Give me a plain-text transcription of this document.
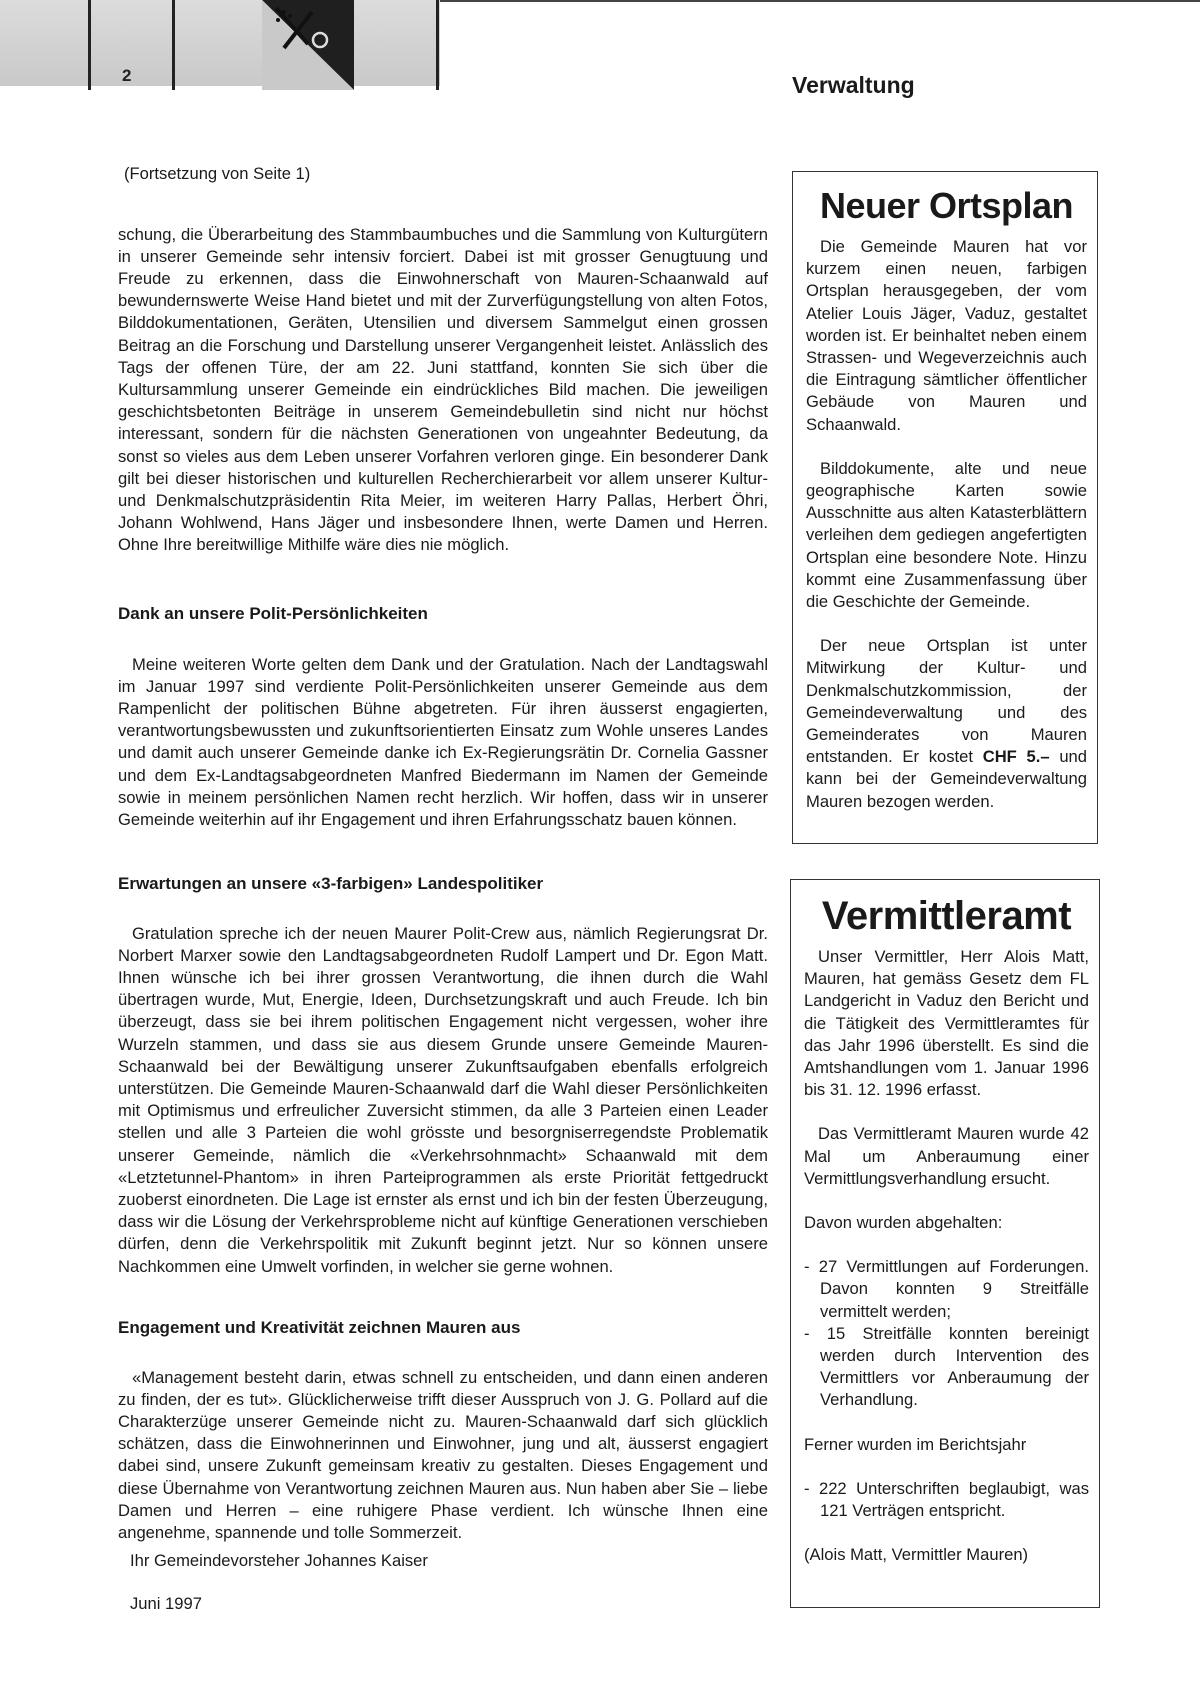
2	Verwaltung
(Fortsetzung von Seite 1)

schung, die Überarbeitung des Stammbaumbuches und die Sammlung von Kulturgütern in unserer Gemeinde sehr intensiv forciert. Dabei ist mit grosser Genugtuung und Freude zu erkennen, dass die Einwohnerschaft von Mauren-Schaanwald auf bewundernswerte Weise Hand bietet und mit der Zurverfügungstellung von alten Fotos, Bilddokumentationen, Geräten, Utensilien und diversem Sammelgut einen grossen Beitrag an die Forschung und Darstellung unserer Vergangenheit leistet. Anlässlich des Tags der offenen Türe, der am 22. Juni stattfand, konnten Sie sich über die Kultursammlung unserer Gemeinde ein eindrückliches Bild machen. Die jeweiligen geschichtsbetonten Beiträge in unserem Gemeindebulletin sind nicht nur höchst interessant, sondern für die nächsten Generationen von ungeahnter Bedeutung, da sonst so vieles aus dem Leben unserer Vorfahren verloren ginge. Ein besonderer Dank gilt bei dieser historischen und kulturellen Recherchierarbeit vor allem unserer Kultur- und Denkmalschutzpräsidentin Rita Meier, im weiteren Harry Pallas, Herbert Öhri, Johann Wohlwend, Hans Jäger und insbesondere Ihnen, werte Damen und Herren. Ohne Ihre bereitwillige Mithilfe wäre dies nie möglich.

Dank an unsere Polit-Persönlichkeiten

Meine weiteren Worte gelten dem Dank und der Gratulation. Nach der Landtagswahl im Januar 1997 sind verdiente Polit-Persönlichkeiten unserer Gemeinde aus dem Rampenlicht der politischen Bühne abgetreten. Für ihren äusserst engagierten, verantwortungsbewussten und zukunftsorientierten Einsatz zum Wohle unseres Landes und damit auch unserer Gemeinde danke ich Ex-Regierungsrätin Dr. Cornelia Gassner und dem Ex-Landtagsabgeordneten Manfred Biedermann im Namen der Gemeinde sowie in meinem persönlichen Namen recht herzlich. Wir hoffen, dass wir in unserer Gemeinde weiterhin auf ihr Engagement und ihren Erfahrungsschatz bauen können.

Erwartungen an unsere «3-farbigen» Landespolitiker

Gratulation spreche ich der neuen Maurer Polit-Crew aus, nämlich Regierungsrat Dr. Norbert Marxer sowie den Landtagsabgeordneten Rudolf Lampert und Dr. Egon Matt. Ihnen wünsche ich bei ihrer grossen Verantwortung, die ihnen durch die Wahl übertragen wurde, Mut, Energie, Ideen, Durchsetzungskraft und auch Freude. Ich bin überzeugt, dass sie bei ihrem politischen Engagement nicht vergessen, woher ihre Wurzeln stammen, und dass sie aus diesem Grunde unsere Gemeinde Mauren-Schaanwald bei der Bewältigung unserer Zukunftsaufgaben ebenfalls erfolgreich unterstützen. Die Gemeinde Mauren-Schaanwald darf die Wahl dieser Persönlichkeiten mit Optimismus und erfreulicher Zuversicht stimmen, da alle 3 Parteien einen Leader stellen und alle 3 Parteien die wohl grösste und besorgniserregendste Problematik unserer Gemeinde, nämlich die «Verkehrsohnmacht» Schaanwald mit dem «Letztetunnel-Phantom» in ihren Parteiprogrammen als erste Priorität fettgedruckt zuoberst einordneten. Die Lage ist ernster als ernst und ich bin der festen Überzeugung, dass wir die Lösung der Verkehrsprobleme nicht auf künftige Generationen verschieben dürfen, denn die Verkehrspolitik mit Zukunft beginnt jetzt. Nur so können unsere Nachkommen eine Umwelt vorfinden, in welcher sie gerne wohnen.

Engagement und Kreativität zeichnen Mauren aus

«Management besteht darin, etwas schnell zu entscheiden, und dann einen anderen zu finden, der es tut». Glücklicherweise trifft dieser Ausspruch von J. G. Pollard auf die Charakterzüge unserer Gemeinde nicht zu. Mauren-Schaanwald darf sich glücklich schätzen, dass die Einwohnerinnen und Einwohner, jung und alt, äusserst engagiert dabei sind, unsere Zukunft gemeinsam kreativ zu gestalten. Dieses Engagement und diese Übernahme von Verantwortung zeichnen Mauren aus. Nun haben aber Sie – liebe Damen und Herren – eine ruhigere Phase verdient. Ich wünsche Ihnen eine angenehme, spannende und tolle Sommerzeit.

Ihr Gemeindevorsteher Johannes Kaiser
Juni 1997
Neuer Ortsplan

Die Gemeinde Mauren hat vor kurzem einen neuen, farbigen Ortsplan herausgegeben, der vom Atelier Louis Jäger, Vaduz, gestaltet worden ist. Er beinhaltet neben einem Strassen- und Wegeverzeichnis auch die Eintragung sämtlicher öffentlicher Gebäude von Mauren und Schaanwald.

Bilddokumente, alte und neue geographische Karten sowie Ausschnitte aus alten Katasterblättern verleihen dem gediegen angefertigten Ortsplan eine besondere Note. Hinzu kommt eine Zusammenfassung über die Geschichte der Gemeinde.

Der neue Ortsplan ist unter Mitwirkung der Kultur- und Denkmalschutzkommission, der Gemeindeverwaltung und des Gemeinderates von Mauren entstanden. Er kostet CHF 5.– und kann bei der Gemeindeverwaltung Mauren bezogen werden.

Vermittleramt

Unser Vermittler, Herr Alois Matt, Mauren, hat gemäss Gesetz dem FL Landgericht in Vaduz den Bericht und die Tätigkeit des Vermittleramtes für das Jahr 1996 überstellt. Es sind die Amtshandlungen vom 1. Januar 1996 bis 31. 12. 1996 erfasst.

Das Vermittleramt Mauren wurde 42 Mal um Anberaumung einer Vermittlungsverhandlung ersucht.

Davon wurden abgehalten:

- 27 Vermittlungen auf Forderungen. Davon konnten 9 Streitfälle vermittelt werden;
- 15 Streitfälle konnten bereinigt werden durch Intervention des Vermittlers vor Anberaumung der Verhandlung.

Ferner wurden im Berichtsjahr

- 222 Unterschriften beglaubigt, was 121 Verträgen entspricht.

(Alois Matt, Vermittler Mauren)
